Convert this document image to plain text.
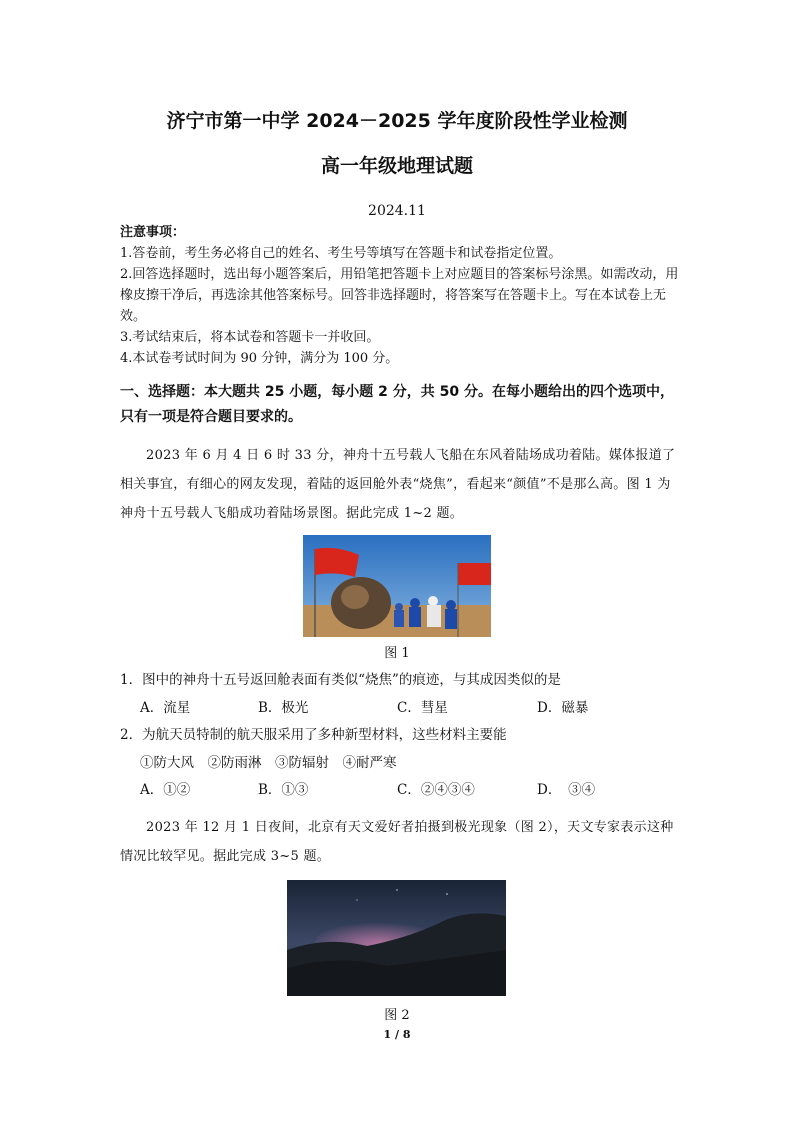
济宁市第一中学 2024－2025 学年度阶段性学业检测
高一年级地理试题
2024.11
注意事项：
1.答卷前，考生务必将自己的姓名、考生号等填写在答题卡和试卷指定位置。
2.回答选择题时，选出每小题答案后，用铅笔把答题卡上对应题目的答案标号涂黑。如需改动，用橡皮擦干净后，再选涂其他答案标号。回答非选择题时，将答案写在答题卡上。写在本试卷上无效。
3.考试结束后，将本试卷和答题卡一并收回。
4.本试卷考试时间为 90 分钟，满分为 100 分。
一、选择题：本大题共 25 小题，每小题 2 分，共 50 分。在每小题给出的四个选项中，只有一项是符合题目要求的。
2023 年 6 月 4 日 6 时 33 分，神舟十五号载人飞船在东风着陆场成功着陆。媒体报道了相关事宜，有细心的网友发现，着陆的返回舱外表“烧焦”，看起来“颜值”不是那么高。图 1 为神舟十五号载人飞船成功着陆场景图。据此完成 1~2 题。
图 1
1．图中的神舟十五号返回舱表面有类似“烧焦”的痕迹，与其成因类似的是
A．流星	B．极光	C．彗星	D．磁暴
2．为航天员特制的航天服采用了多种新型材料，这些材料主要能
①防大风　②防雨淋　③防辐射　④耐严寒
A．①②	B．①③	C．②④③④	D．　③④
2023 年 12 月 1 日夜间，北京有天文爱好者拍摄到极光现象（图 2），天文专家表示这种情况比较罕见。据此完成 3~5 题。
图 2
1 / 8
